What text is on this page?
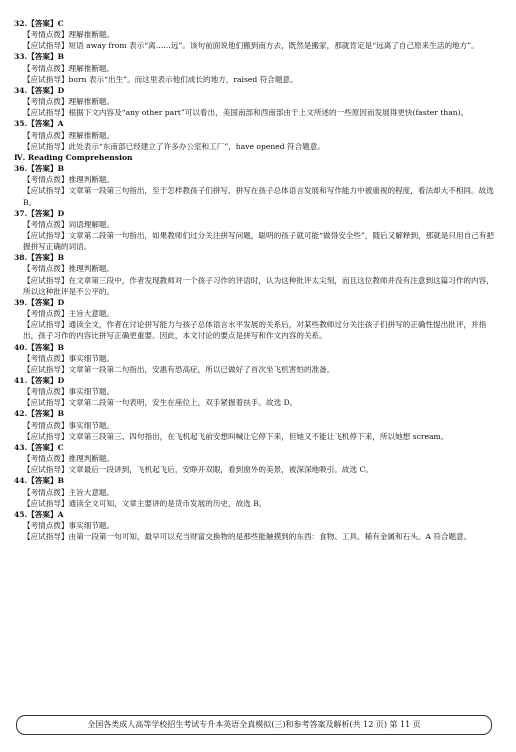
32.【答案】C
【考情点拨】理解推断题。
【应试指导】短语 away from 表示“离……远”。该句前面说他们搬到南方去，既然是搬家，那就肯定是“远离了自己原来生活的地方”。
33.【答案】B
【考情点拨】理解推断题。
【应试指导】born 表示“出生”。而这里表示他们成长的地方，raised 符合题意。
34.【答案】D
【考情点拨】理解推断题。
【应试指导】根据下文内容及“any other part”可以看出，美国南部和西南部由于上文所述的一些原因而发展得更快(faster than)。
35.【答案】A
【考情点拨】理解推断题。
【应试指导】此处表示“东南部已经建立了许多办公室和工厂”，have opened 符合题意。
Ⅳ. Reading Comprehension
36.【答案】B
【考情点拨】推理判断题。
【应试指导】文章第一段第三句指出，至于怎样教孩子们拼写，拼写在孩子总体语言发展和写作能力中被重视的程度，看法却大不相同。故选 B。
37.【答案】D
【考情点拨】词语理解题。
【应试指导】文章第二段第一句指出，如果教师们过分关注拼写问题，聪明的孩子就可能“做得安全些”，随后又解释到，那就是只用自己有把握拼写正确的词语。
38.【答案】B
【考情点拨】推理判断题。
【应试指导】在文章第三段中，作者发现教师对一个孩子习作的评语时，认为这种批评太尖刻，而且这位教师并没有注意到这篇习作的内容，所以这种批评是不公平的。
39.【答案】D
【考情点拨】主旨大意题。
【应试指导】通读全文，作者在讨论拼写能力与孩子总体语言水平发展的关系后，对某些教师过分关注孩子们拼写的正确性提出批评，并指出，孩子习作的内容比拼写正确更重要。因此，本文讨论的要点是拼写和作文内容的关系。
40.【答案】B
【考情点拨】事实细节题。
【应试指导】文章第一段第二句指出，安惠有恐高症，所以已做好了首次坐飞机害怕的准备。
41.【答案】D
【考情点拨】事实细节题。
【应试指导】文章第二段第一句表明，安生在座位上，双手紧握着扶手。故选 D。
42.【答案】B
【考情点拨】事实细节题。
【应试指导】文章第三段第三、四句指出，在飞机起飞前安想叫喊让它停下来，但她又不能让飞机停下来，所以她想 scream。
43.【答案】C
【考情点拨】推理判断题。
【应试指导】文章最后一段讲到，飞机起飞后，安睁开双眼，看到窗外的美景，被深深地吸引。故选 C。
44.【答案】B
【考情点拨】主旨大意题。
【应试指导】通读全文可知，文章主要讲的是货币发展的历史，故选 B。
45.【答案】A
【考情点拨】事实细节题。
【应试指导】由第一段第一句可知，最早可以充当财富交换物的是那些能触摸到的东西：食物、工具、稀有金属和石头。A 符合题意。
全国各类成人高等学校招生考试专升本英语全真模拟(三)和参考答案及解析(共 12 页) 第 11 页
